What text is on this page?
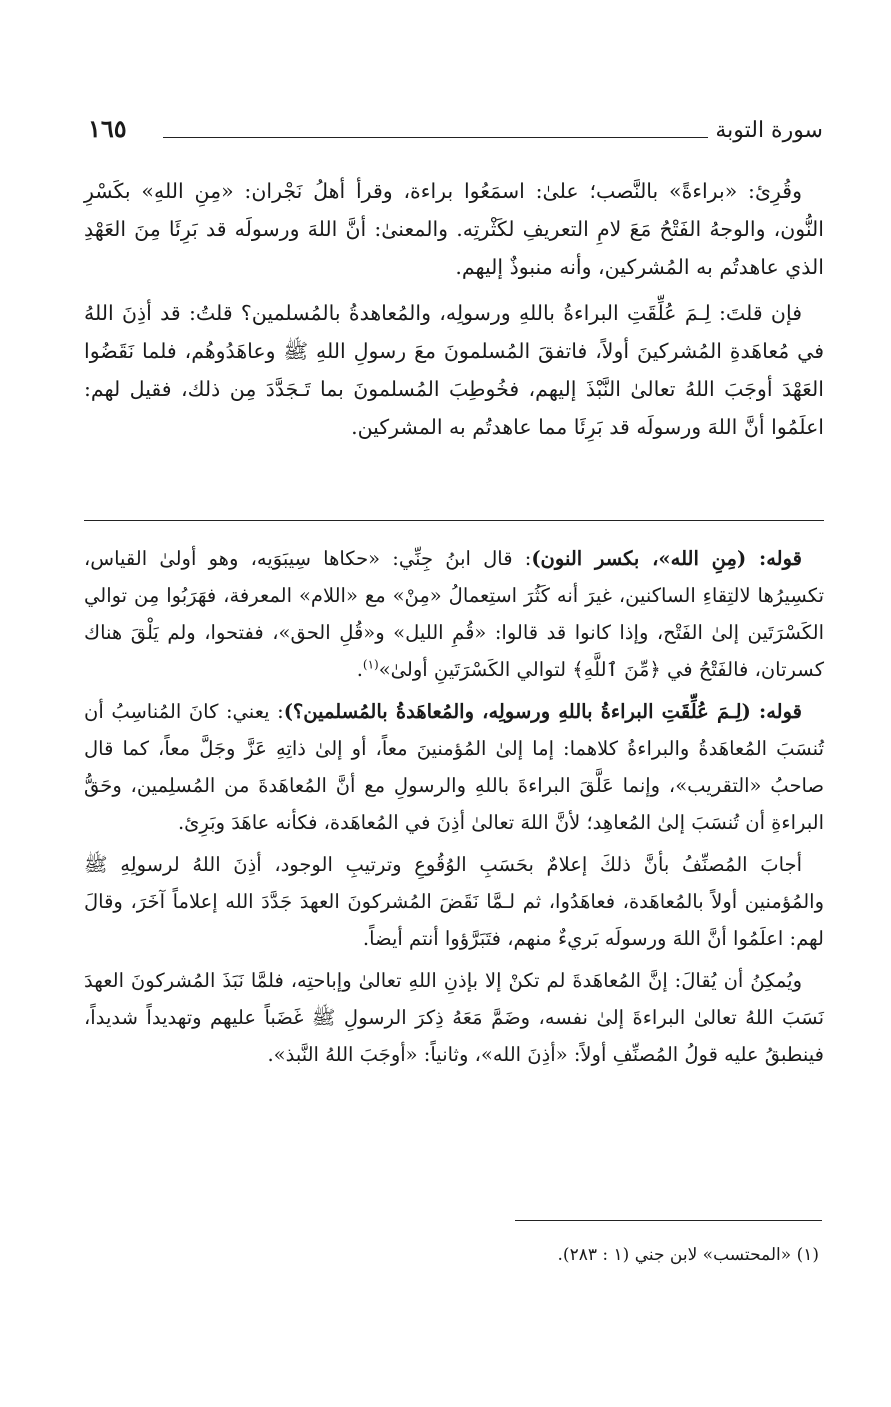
سورة التوبة
١٦٥

وقُرِئ: «براءةً» بالنَّصب؛ علىٰ: اسمَعُوا براءة، وقرأ أهلُ نَجْران: «مِنِ اللهِ» بكَسْرِ النُّون، والوجهُ الفَتْحُ مَعَ لامِ التعريفِ لكَثْرتِه. والمعنىٰ: أنَّ اللهَ ورسولَه قد بَرِئَا مِنَ العَهْدِ الذي عاهدتُم به المُشركين، وأنه منبوذٌ إليهم.

فإن قلتَ: لِـمَ عُلِّقَتِ البراءةُ باللهِ ورسولِه، والمُعاهدةُ بالمُسلمين؟ قلتُ: قد أذِنَ اللهُ في مُعاهَدةِ المُشركينَ أولاً، فاتفقَ المُسلمونَ معَ رسولِ اللهِ ﷺ وعاهَدُوهُم، فلما نَقَضُوا العَهْدَ أوجَبَ اللهُ تعالىٰ النَّبْذَ إليهم، فخُوطِبَ المُسلمونَ بما تَـجَدَّدَ مِن ذلك، فقيل لهم: اعلَمُوا أنَّ اللهَ ورسولَه قد بَرِئَا مما عاهدتُم به المشركين.

قوله: (مِنِ الله»، بكسر النون): قال ابنُ جِنِّي: «حكاها سِيبَوَيه، وهو أولىٰ القياس، تكسِيرُها لالتِقاءِ الساكنين، غيرَ أنه كَثُرَ استِعمالُ «مِنْ» مع «اللام» المعرفة، فهَرَبُوا مِن توالي الكَسْرَتَين إلىٰ الفَتْح، وإذا كانوا قد قالوا: «قُمِ الليل» و«قُلِ الحق»، ففتحوا، ولم يَلْقَ هناك كسرتان، فالفَتْحُ في ﴿مِّنَ ٱللَّهِ﴾ لتوالي الكَسْرَتَينِ أولىٰ»$^{(١)}$.

قوله: (لِـمَ عُلِّقَتِ البراءةُ باللهِ ورسولِه، والمُعاهَدةُ بالمُسلمين؟): يعني: كانَ المُناسِبُ أن تُنسَبَ المُعاهَدةُ والبراءةُ كلاهما: إما إلىٰ المُؤمنينَ معاً، أو إلىٰ ذاتِهِ عَزَّ وجَلَّ معاً، كما قال صاحبُ «التقريب»، وإنما عَلَّقَ البراءةَ باللهِ والرسولِ مع أنَّ المُعاهَدةَ من المُسلِمين، وحَقُّ البراءةِ أن تُنسَبَ إلىٰ المُعاهِد؛ لأنَّ اللهَ تعالىٰ أذِنَ في المُعاهَدة، فكأنه عاهَدَ وبَرِئ.

أجابَ المُصنِّفُ بأنَّ ذلكَ إعلامٌ بحَسَبِ الوُقُوعِ وترتيبِ الوجود، أذِنَ اللهُ لرسولِهِ ﷺ والمُؤمنين أولاً بالمُعاهَدة، فعاهَدُوا، ثم لـمَّا نَقَضَ المُشركونَ العهدَ جَدَّدَ الله إعلاماً آخَرَ، وقالَ لهم: اعلَمُوا أنَّ اللهَ ورسولَه بَريءٌ منهم، فتَبَرَّؤوا أنتم أيضاً.

ويُمكِنُ أن يُقالَ: إنَّ المُعاهَدةَ لم تكنْ إلا بإذنِ اللهِ تعالىٰ وإباحتِه، فلمَّا نَبَذَ المُشركونَ العهدَ نَسَبَ اللهُ تعالىٰ البراءةَ إلىٰ نفسه، وضَمَّ مَعَهُ ذِكرَ الرسولِ ﷺ غَضَباً عليهم وتهديداً شديداً، فينطبقُ عليه قولُ المُصنِّفِ أولاً: «أذِنَ الله»، وثانياً: «أوجَبَ اللهُ النَّبذ».

(١) «المحتسب» لابن جني (١ : ٢٨٣).
